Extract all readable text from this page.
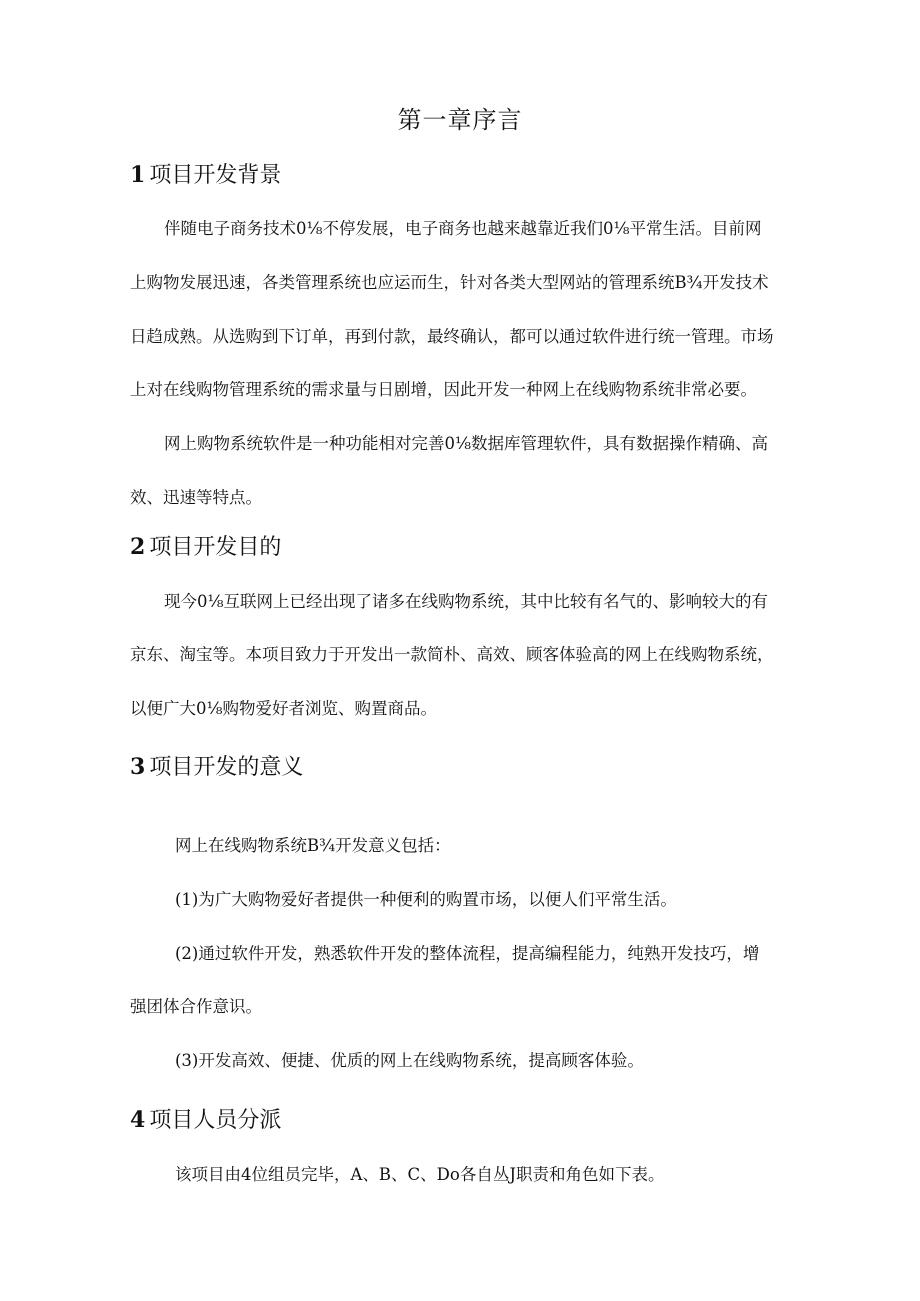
第一章序言
1 项目开发背景
伴随电子商务技术0⅛不停发展，电子商务也越来越靠近我们0⅛平常生活。目前网
上购物发展迅速，各类管理系统也应运而生，针对各类大型网站的管理系统B¾开发技术
日趋成熟。从选购到下订单，再到付款，最终确认，都可以通过软件进行统一管理。市场
上对在线购物管理系统的需求量与日剧增，因此开发一种网上在线购物系统非常必要。
网上购物系统软件是一种功能相对完善0⅛数据库管理软件，具有数据操作精确、高
效、迅速等特点。
2 项目开发目的
现今0⅛互联网上已经出现了诸多在线购物系统，其中比较有名气的、影响较大的有
京东、淘宝等。本项目致力于开发出一款简朴、高效、顾客体验高的网上在线购物系统，
以便广大0⅛购物爱好者浏览、购置商品。
3 项目开发的意义
网上在线购物系统B¾开发意义包括：
(1)为广大购物爱好者提供一种便利的购置市场，以便人们平常生活。
(2)通过软件开发，熟悉软件开发的整体流程，提高编程能力，纯熟开发技巧，增
强团体合作意识。
(3)开发高效、便捷、优质的网上在线购物系统，提高顾客体验。
4 项目人员分派
该项目由4位组员完毕，A、B、C、Do各自丛J职责和角色如下表。
